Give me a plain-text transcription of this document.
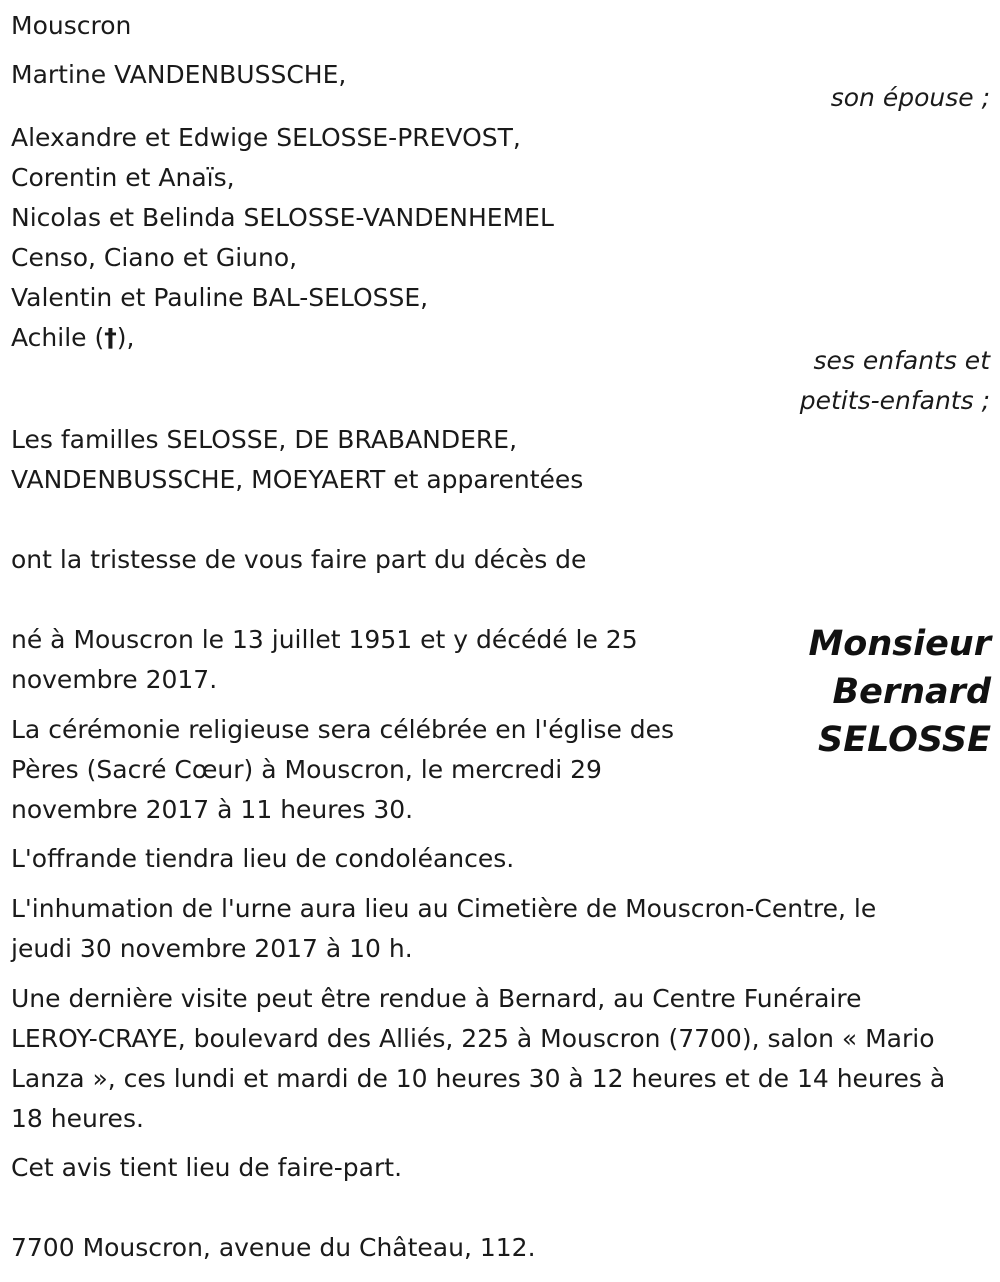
Mouscron
Martine VANDENBUSSCHE,
son épouse ;
Alexandre et Edwige SELOSSE-PREVOST,
Corentin et Anaïs,
Nicolas et Belinda SELOSSE-VANDENHEMEL
Censo, Ciano et Giuno,
Valentin et Pauline BAL-SELOSSE,
Achile (†),
ses enfants et
petits-enfants ;
Les familles SELOSSE, DE BRABANDERE,
VANDENBUSSCHE, MOEYAERT et apparentées
ont la tristesse de vous faire part du décès de
Monsieur
Bernard
SELOSSE
né à Mouscron le 13 juillet 1951 et y décédé le 25
novembre 2017.
La cérémonie religieuse sera célébrée en l'église des
Pères (Sacré Cœur) à Mouscron, le mercredi 29
novembre 2017 à 11 heures 30.
L'offrande tiendra lieu de condoléances.
L'inhumation de l'urne aura lieu au Cimetière de Mouscron-Centre, le
jeudi 30 novembre 2017 à 10 h.
Une dernière visite peut être rendue à Bernard, au Centre Funéraire
LEROY-CRAYE, boulevard des Alliés, 225 à Mouscron (7700), salon « Mario
Lanza », ces lundi et mardi de 10 heures 30 à 12 heures et de 14 heures à
18 heures.
Cet avis tient lieu de faire-part.
7700 Mouscron, avenue du Château, 112.
